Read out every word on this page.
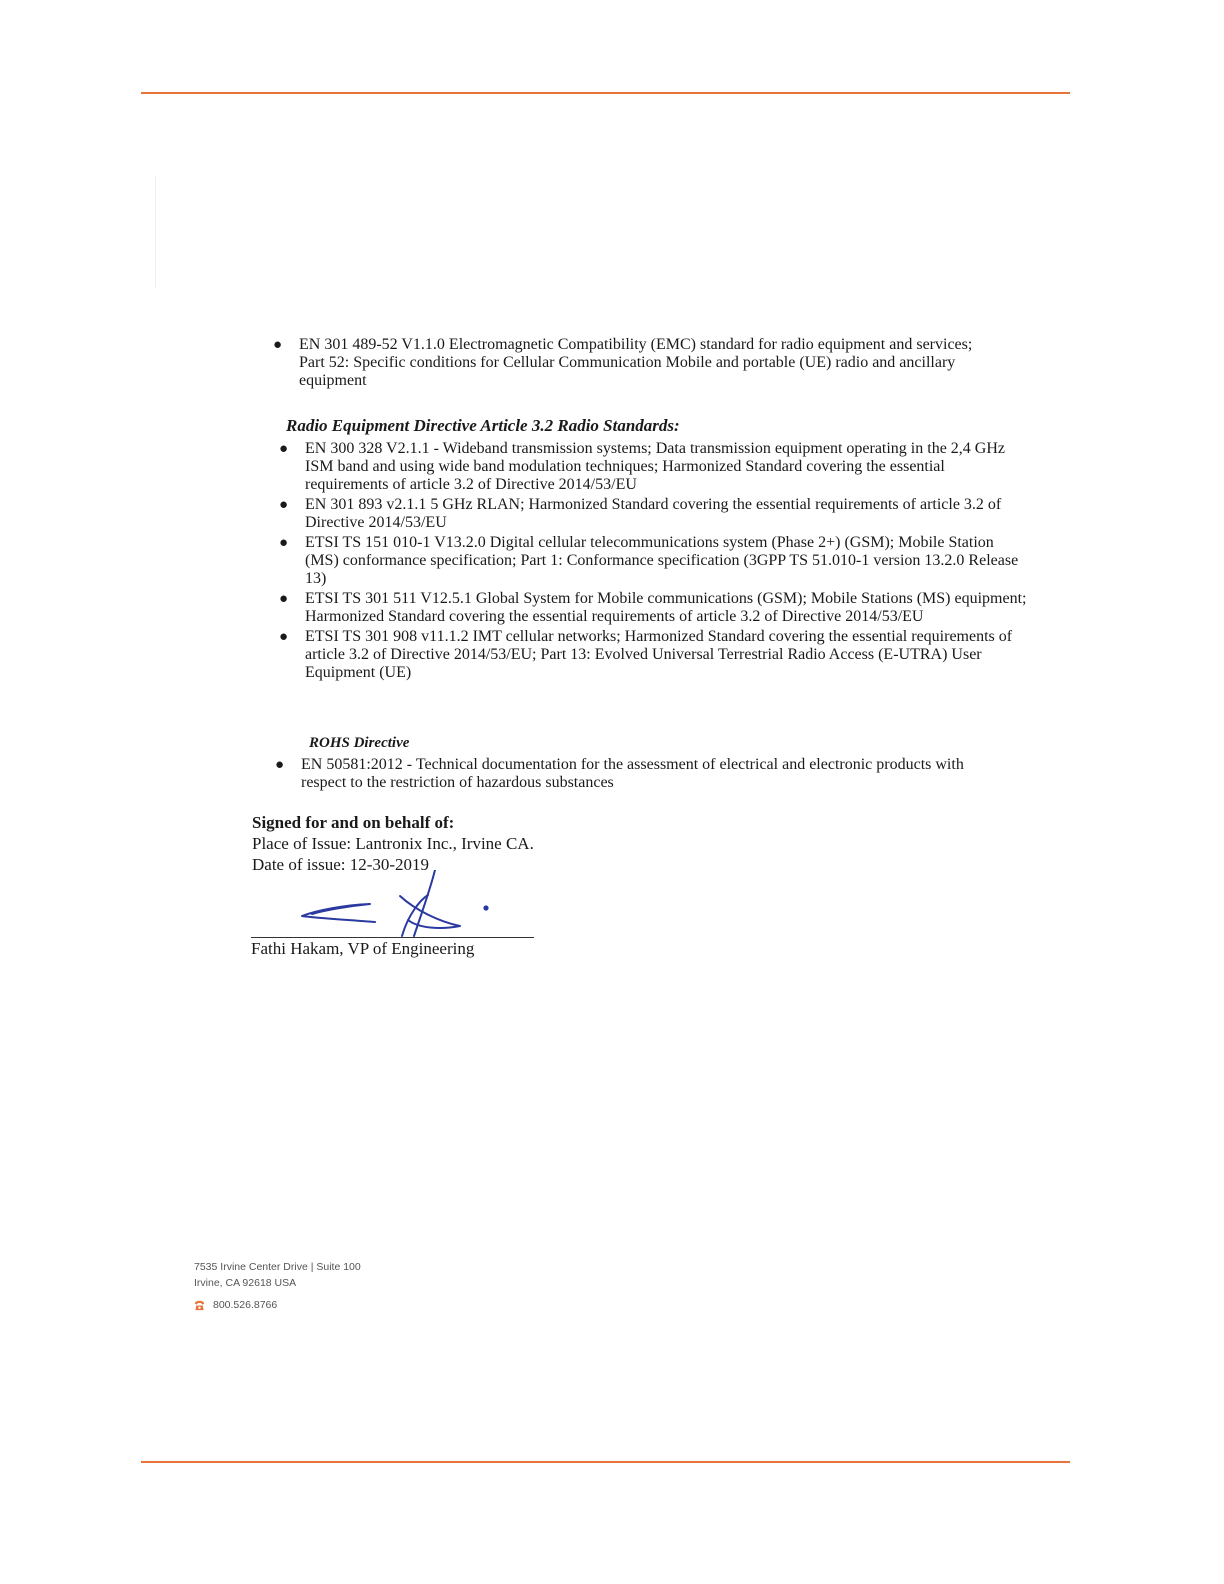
● EN 301 489-52 V1.1.0 Electromagnetic Compatibility (EMC) standard for radio equipment and services; Part 52: Specific conditions for Cellular Communication Mobile and portable (UE) radio and ancillary equipment
Radio Equipment Directive Article 3.2 Radio Standards:
● EN 300 328 V2.1.1 - Wideband transmission systems; Data transmission equipment operating in the 2,4 GHz ISM band and using wide band modulation techniques; Harmonized Standard covering the essential requirements of article 3.2 of Directive 2014/53/EU
● EN 301 893 v2.1.1 5 GHz RLAN; Harmonized Standard covering the essential requirements of article 3.2 of Directive 2014/53/EU
● ETSI TS 151 010-1 V13.2.0 Digital cellular telecommunications system (Phase 2+) (GSM); Mobile Station (MS) conformance specification; Part 1: Conformance specification (3GPP TS 51.010-1 version 13.2.0 Release 13)
● ETSI TS 301 511 V12.5.1 Global System for Mobile communications (GSM); Mobile Stations (MS) equipment; Harmonized Standard covering the essential requirements of article 3.2 of Directive 2014/53/EU
● ETSI TS 301 908 v11.1.2 IMT cellular networks; Harmonized Standard covering the essential requirements of article 3.2 of Directive 2014/53/EU; Part 13: Evolved Universal Terrestrial Radio Access (E-UTRA) User Equipment (UE)
ROHS Directive
● EN 50581:2012 - Technical documentation for the assessment of electrical and electronic products with respect to the restriction of hazardous substances
Signed for and on behalf of:
Place of Issue: Lantronix Inc., Irvine CA.
Date of issue: 12-30-2019
Fathi Hakam, VP of Engineering
7535 Irvine Center Drive | Suite 100
Irvine, CA 92618 USA
800.526.8766
